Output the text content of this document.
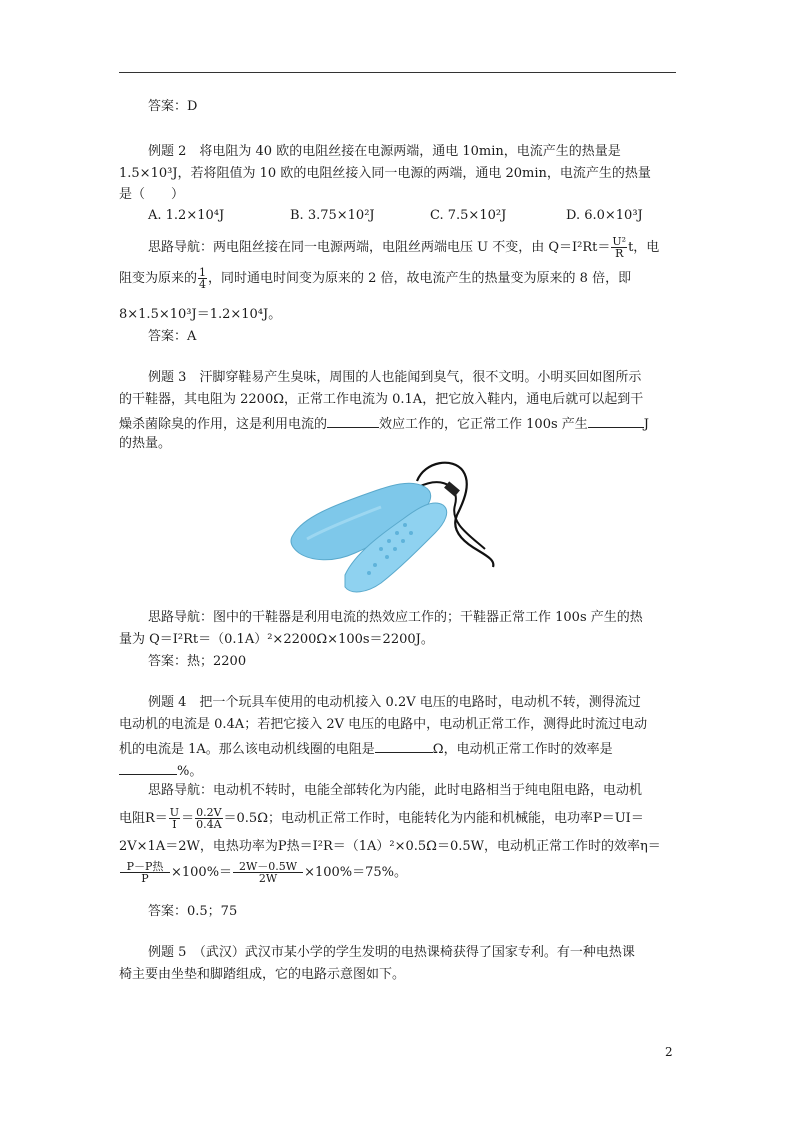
答案：D
例题 2　将电阻为 40 欧的电阻丝接在电源两端，通电 10min，电流产生的热量是
1.5×10³J，若将阻值为 10 欧的电阻丝接入同一电源的两端，通电 20min，电流产生的热量
是（　　）
A. 1.2×10⁴J	B. 3.75×10²J	C. 7.5×10²J	D. 6.0×10³J
思路导航：两电阻丝接在同一电源两端，电阻丝两端电压 U 不变，由 $Q=I^2Rt= \frac{\text{U²}}{R}$ t，电
阻变为原来的 $\frac{1}{4}$ ，同时通电时间变为原来的 2 倍，故电流产生的热量变为原来的 8 倍，即
8×1.5×10³J＝1.2×10⁴J。
答案：A
例题 3　汗脚穿鞋易产生臭味，周围的人也能闻到臭气，很不文明。小明买回如图所示
的干鞋器，其电阻为 2200Ω，正常工作电流为 0.1A，把它放入鞋内，通电后就可以起到干
燥杀菌除臭的作用，这是利用电流的	效应工作的，它正常工作 100s 产生	J
的热量。
思路导航：图中的干鞋器是利用电流的热效应工作的；干鞋器正常工作 100s 产生的热
量为 Q＝I²Rt＝（0.1A）²×2200Ω×100s＝2200J。
答案：热；2200
例题 4　把一个玩具车使用的电动机接入 0.2V 电压的电路时，电动机不转，测得流过
电动机的电流是 0.4A；若把它接入 2V 电压的电路中，电动机正常工作，测得此时流过电动
机的电流是 1A。那么该电动机线圈的电阻是	Ω，电动机正常工作时的效率是
%。
思路导航：电动机不转时，电能全部转化为内能，此时电路相当于纯电阻电路，电动机
电阻$R= \frac{U}{I} = \frac{0.2V}{0.4A} =0.5\Omega$；电动机正常工作时，电能转化为内能和机械能，电功率P＝UI＝
2V×1A＝2W，电热功率为P热＝I²R＝（1A）²×0.5Ω＝0.5W，电动机正常工作时的效率η＝
$\frac{\text{P－P热}}{P} \times 100\%= \frac{2W-0.5W}{2W} \times 100\%=75\%$。
答案：0.5；75
例题 5　（武汉）武汉市某小学的学生发明的电热课椅获得了国家专利。有一种电热课
椅主要由坐垫和脚踏组成，它的电路示意图如下。
2
